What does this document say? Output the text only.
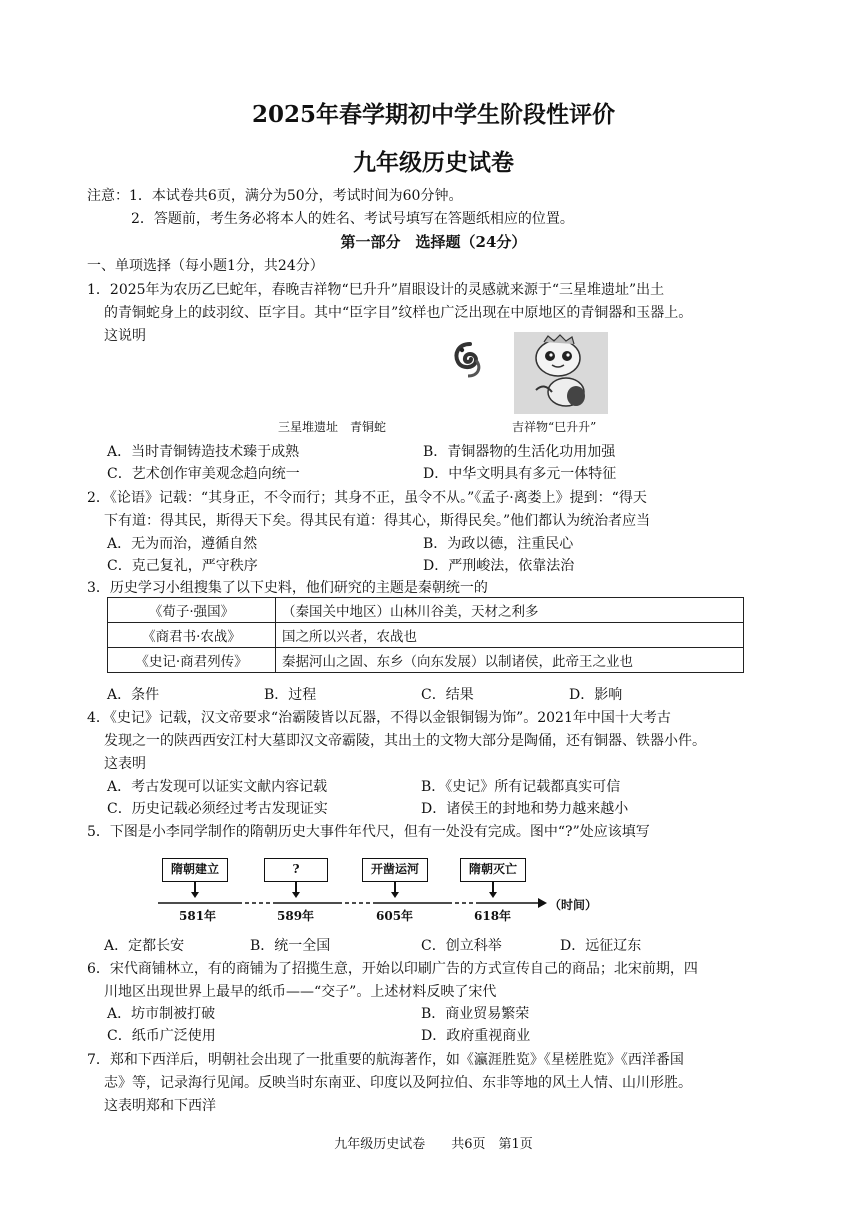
2025年春学期初中学生阶段性评价
九年级历史试卷
注意：1．本试卷共6页，满分为50分，考试时间为60分钟。
2．答题前，考生务必将本人的姓名、考试号填写在答题纸相应的位置。
第一部分　选择题（24分）
一、单项选择（每小题1分，共24分）
1．2025年为农历乙巳蛇年，春晚吉祥物“巳升升”眉眼设计的灵感就来源于“三星堆遗址”出土
的青铜蛇身上的歧羽纹、臣字目。其中“臣字目”纹样也广泛出现在中原地区的青铜器和玉器上。
这说明
三星堆遗址　青铜蛇	吉祥物“巳升升”
A．当时青铜铸造技术臻于成熟	B．青铜器物的生活化功用加强
C．艺术创作审美观念趋向统一	D．中华文明具有多元一体特征
2．《论语》记载：“其身正，不令而行；其身不正，虽令不从。”《孟子·离娄上》提到：“得天
下有道：得其民，斯得天下矣。得其民有道：得其心，斯得民矣。”他们都认为统治者应当
A．无为而治，遵循自然	B．为政以德，注重民心
C．克己复礼，严守秩序	D．严刑峻法，依靠法治
3．历史学习小组搜集了以下史料，他们研究的主题是秦朝统一的
《荀子·强国》	（秦国关中地区）山林川谷美，天材之利多
《商君书·农战》	国之所以兴者，农战也
《史记·商君列传》	秦据河山之固、东乡（向东发展）以制诸侯，此帝王之业也
A．条件	B．过程	C．结果	D．影响
4．《史记》记载，汉文帝要求“治霸陵皆以瓦器，不得以金银铜锡为饰”。2021年中国十大考古
发现之一的陕西西安江村大墓即汉文帝霸陵，其出土的文物大部分是陶俑，还有铜器、铁器小件。
这表明
A．考古发现可以证实文献内容记载	B．《史记》所有记载都真实可信
C．历史记载必须经过考古发现证实	D．诸侯王的封地和势力越来越小
5．下图是小李同学制作的隋朝历史大事件年代尺，但有一处没有完成。图中“?”处应该填写
隋朝建立	?	开凿运河	隋朝灭亡
（时间）
581年	589年	605年	618年
A．定都长安	B．统一全国	C．创立科举	D．远征辽东
6．宋代商铺林立，有的商铺为了招揽生意，开始以印刷广告的方式宣传自己的商品；北宋前期，四
川地区出现世界上最早的纸币——“交子”。上述材料反映了宋代
A．坊市制被打破	B．商业贸易繁荣
C．纸币广泛使用	D．政府重视商业
7．郑和下西洋后，明朝社会出现了一批重要的航海著作，如《瀛涯胜览》《星槎胜览》《西洋番国
志》等，记录海行见闻。反映当时东南亚、印度以及阿拉伯、东非等地的风土人情、山川形胜。
这表明郑和下西洋
九年级历史试卷　　共6页　第1页
